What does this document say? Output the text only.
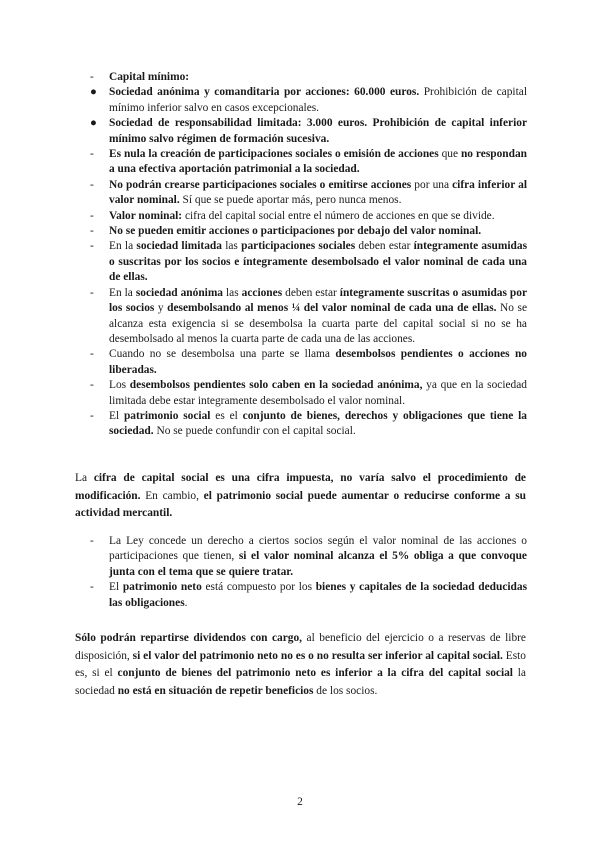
-	Capital mínimo:
●	Sociedad anónima y comanditaria por acciones: 60.000 euros. Prohibición de capital mínimo inferior salvo en casos excepcionales.
●	Sociedad de responsabilidad limitada: 3.000 euros. Prohibición de capital inferior mínimo salvo régimen de formación sucesiva.
-	Es nula la creación de participaciones sociales o emisión de acciones que no respondan a una efectiva aportación patrimonial a la sociedad.
-	No podrán crearse participaciones sociales o emitirse acciones por una cifra inferior al valor nominal. Sí que se puede aportar más, pero nunca menos.
-	Valor nominal: cifra del capital social entre el número de acciones en que se divide.
-	No se pueden emitir acciones o participaciones por debajo del valor nominal.
-	En la sociedad limitada las participaciones sociales deben estar íntegramente asumidas o suscritas por los socios e íntegramente desembolsado el valor nominal de cada una de ellas.
-	En la sociedad anónima las acciones deben estar íntegramente suscritas o asumidas por los socios y desembolsando al menos ¼ del valor nominal de cada una de ellas. No se alcanza esta exigencia si se desembolsa la cuarta parte del capital social si no se ha desembolsado al menos la cuarta parte de cada una de las acciones.
-	Cuando no se desembolsa una parte se llama desembolsos pendientes o acciones no liberadas.
-	Los desembolsos pendientes solo caben en la sociedad anónima, ya que en la sociedad limitada debe estar integramente desembolsado el valor nominal.
-	El patrimonio social es el conjunto de bienes, derechos y obligaciones que tiene la sociedad. No se puede confundir con el capital social.

La cifra de capital social es una cifra impuesta, no varía salvo el procedimiento de modificación. En cambio, el patrimonio social puede aumentar o reducirse conforme a su actividad mercantil.

-	La Ley concede un derecho a ciertos socios según el valor nominal de las acciones o participaciones que tienen, si el valor nominal alcanza el 5% obliga a que convoque junta con el tema que se quiere tratar.
-	El patrimonio neto está compuesto por los bienes y capitales de la sociedad deducidas las obligaciones.

Sólo podrán repartirse dividendos con cargo, al beneficio del ejercicio o a reservas de libre disposición, si el valor del patrimonio neto no es o no resulta ser inferior al capital social. Esto es, si el conjunto de bienes del patrimonio neto es inferior a la cifra del capital social la sociedad no está en situación de repetir beneficios de los socios.

2
